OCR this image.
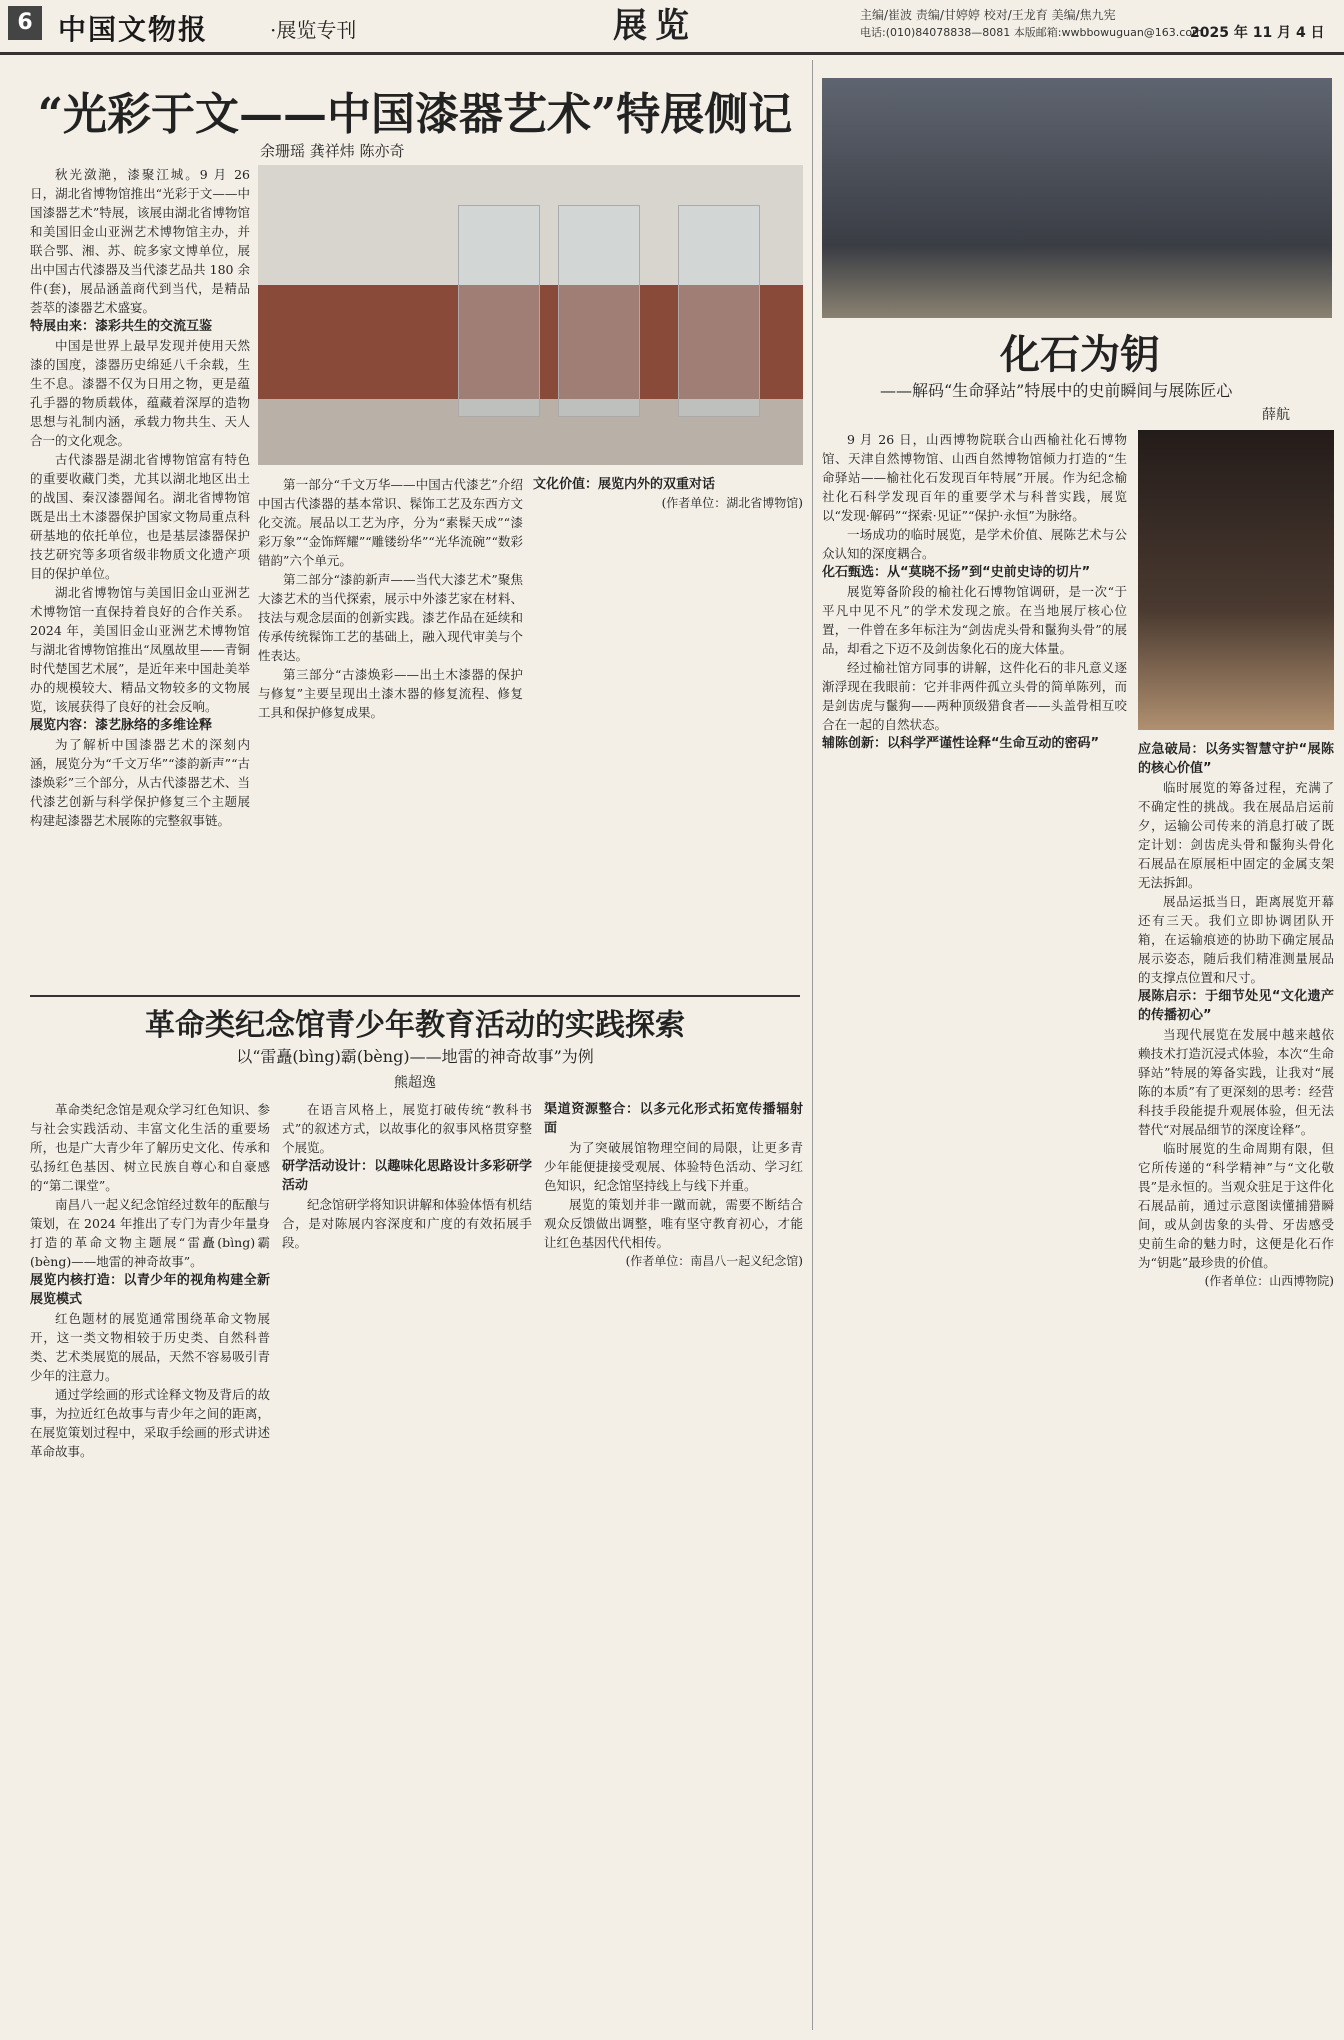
6 中国文物报	·展览专刊	展览	主编/崔波 责编/甘婷婷 校对/王龙育 美编/焦九宪
电话:(010)84078838—8081 本版邮箱:wwbbowuguan@163.com
2025 年 11 月 4 日
“光彩于文——中国漆器艺术”特展侧记
余珊瑶 龚祥炜 陈亦奇

秋光潋滟，漆聚江城。9 月 26 日，湖北省博物馆推出“光彩于文——中国漆器艺术”特展，该展由湖北省博物馆和美国旧金山亚洲艺术博物馆主办，并联合鄂、湘、苏、皖多家文博单位，展出中国古代漆器及当代漆艺品共 180 余件(套)，展品涵盖商代到当代，是精品荟萃的漆器艺术盛宴。

特展由来：漆彩共生的交流互鉴

中国是世界上最早发现并使用天然漆的国度，漆器历史绵延八千余载，生生不息。漆器不仅为日用之物，更是蕴孔手器的物质载体，蕴藏着深厚的造物思想与礼制内涵，承载力物共生、天人合一的文化观念。

古代漆器是湖北省博物馆富有特色的重要收藏门类，尤其以湖北地区出土的战国、秦汉漆器闻名。湖北省博物馆既是出土木漆器保护国家文物局重点科研基地的依托单位，也是基层漆器保护技艺研究等多项省级非物质文化遗产项目的保护单位。

湖北省博物馆与美国旧金山亚洲艺术博物馆一直保持着良好的合作关系。2024 年，美国旧金山亚洲艺术博物馆与湖北省博物馆推出“凤凰故里——青铜时代楚国艺术展”，是近年来中国赴美举办的规模较大、精品文物较多的文物展览，该展获得了良好的社会反响。

展览内容：漆艺脉络的多维诠释

为了解析中国漆器艺术的深刻内涵，展览分为“千文万华”“漆韵新声”“古漆焕彩”三个部分，从古代漆器艺术、当代漆艺创新与科学保护修复三个主题展构建起漆器艺术展陈的完整叙事链。

第一部分“千文万华——中国古代漆艺”介绍中国古代漆器的基本常识、髹饰工艺及东西方文化交流。展品以工艺为序，分为“素髹天成”“漆彩万象”“金饰辉耀”“雕镂纷华”“光华流碗”“数彩错韵”六个单元。

第二部分“漆韵新声——当代大漆艺术”聚焦大漆艺术的当代探索，展示中外漆艺家在材料、技法与观念层面的创新实践。漆艺作品在延续和传承传统髹饰工艺的基础上，融入现代审美与个性表达。

第三部分“古漆焕彩——出土木漆器的保护与修复”主要呈现出土漆木器的修复流程、修复工具和保护修复成果。

文化价值：展览内外的双重对话

(作者单位：湖北省博物馆)

革命类纪念馆青少年教育活动的实践探索
以“雷矗(bìng)霸(bèng)——地雷的神奇故事”为例
熊超逸

革命类纪念馆是观众学习红色知识、参与社会实践活动、丰富文化生活的重要场所，也是广大青少年了解历史文化、传承和弘扬红色基因、树立民族自尊心和自豪感的“第二课堂”。

南昌八一起义纪念馆经过数年的酝酿与策划，在 2024 年推出了专门为青少年量身打造的革命文物主题展“雷矗(bìng)霸(bèng)——地雷的神奇故事”。

展览内核打造：以青少年的视角构建全新展览模式

红色题材的展览通常围绕革命文物展开，这一类文物相较于历史类、自然科普类、艺术类展览的展品，天然不容易吸引青少年的注意力。

通过学绘画的形式诠释文物及背后的故事，为拉近红色故事与青少年之间的距离，在展览策划过程中，采取手绘画的形式讲述革命故事。

在语言风格上，展览打破传统“教科书式”的叙述方式，以故事化的叙事风格贯穿整个展览。

研学活动设计：以趣味化思路设计多彩研学活动

纪念馆研学将知识讲解和体验体悟有机结合，是对陈展内容深度和广度的有效拓展手段。

渠道资源整合：以多元化形式拓宽传播辐射面

为了突破展馆物理空间的局限，让更多青少年能便捷接受观展、体验特色活动、学习红色知识，纪念馆坚持线上与线下并重。

展览的策划并非一蹴而就，需要不断结合观众反馈做出调整，唯有坚守教育初心，才能让红色基因代代相传。

(作者单位：南昌八一起义纪念馆)

化石为钥
——解码“生命驿站”特展中的史前瞬间与展陈匠心
薛航

9 月 26 日，山西博物院联合山西榆社化石博物馆、天津自然博物馆、山西自然博物馆倾力打造的“生命驿站——榆社化石发现百年特展”开展。作为纪念榆社化石科学发现百年的重要学术与科普实践，展览以“发现·解码”“探索·见证”“保护·永恒”为脉络。

一场成功的临时展览，是学术价值、展陈艺术与公众认知的深度耦合。

化石甄选：从“莫晓不扬”到“史前史诗的切片”

展览筹备阶段的榆社化石博物馆调研，是一次“于平凡中见不凡”的学术发现之旅。在当地展厅核心位置，一件曾在多年标注为“剑齿虎头骨和鬣狗头骨”的展品，却看之下迈不及剑齿象化石的庞大体量。

经过榆社馆方同事的讲解，这件化石的非凡意义逐渐浮现在我眼前：它并非两件孤立头骨的简单陈列，而是剑齿虎与鬣狗——两种顶级猎食者——头盖骨相互咬合在一起的自然状态。

辅陈创新：以科学严谨性诠释“生命互动的密码”	应急破局：以务实智慧守护“展陈的核心价值”

临时展览的筹备过程，充满了不确定性的挑战。我在展品启运前夕，运输公司传来的消息打破了既定计划：剑齿虎头骨和鬣狗头骨化石展品在原展柜中固定的金属支架无法拆卸。

展品运抵当日，距离展览开幕还有三天。我们立即协调团队开箱，在运输痕迹的协助下确定展品展示姿态，随后我们精准测量展品的支撑点位置和尺寸。

展陈启示：于细节处见“文化遗产的传播初心”

当现代展览在发展中越来越依赖技术打造沉浸式体验，本次“生命驿站”特展的筹备实践，让我对“展陈的本质”有了更深刻的思考：经营科技手段能提升观展体验，但无法替代“对展品细节的深度诠释”。

临时展览的生命周期有限，但它所传递的“科学精神”与“文化敬畏”是永恒的。当观众驻足于这件化石展品前，通过示意图读懂捕猎瞬间，或从剑齿象的头骨、牙齿感受史前生命的魅力时，这便是化石作为“钥匙”最珍贵的价值。

(作者单位：山西博物院)
